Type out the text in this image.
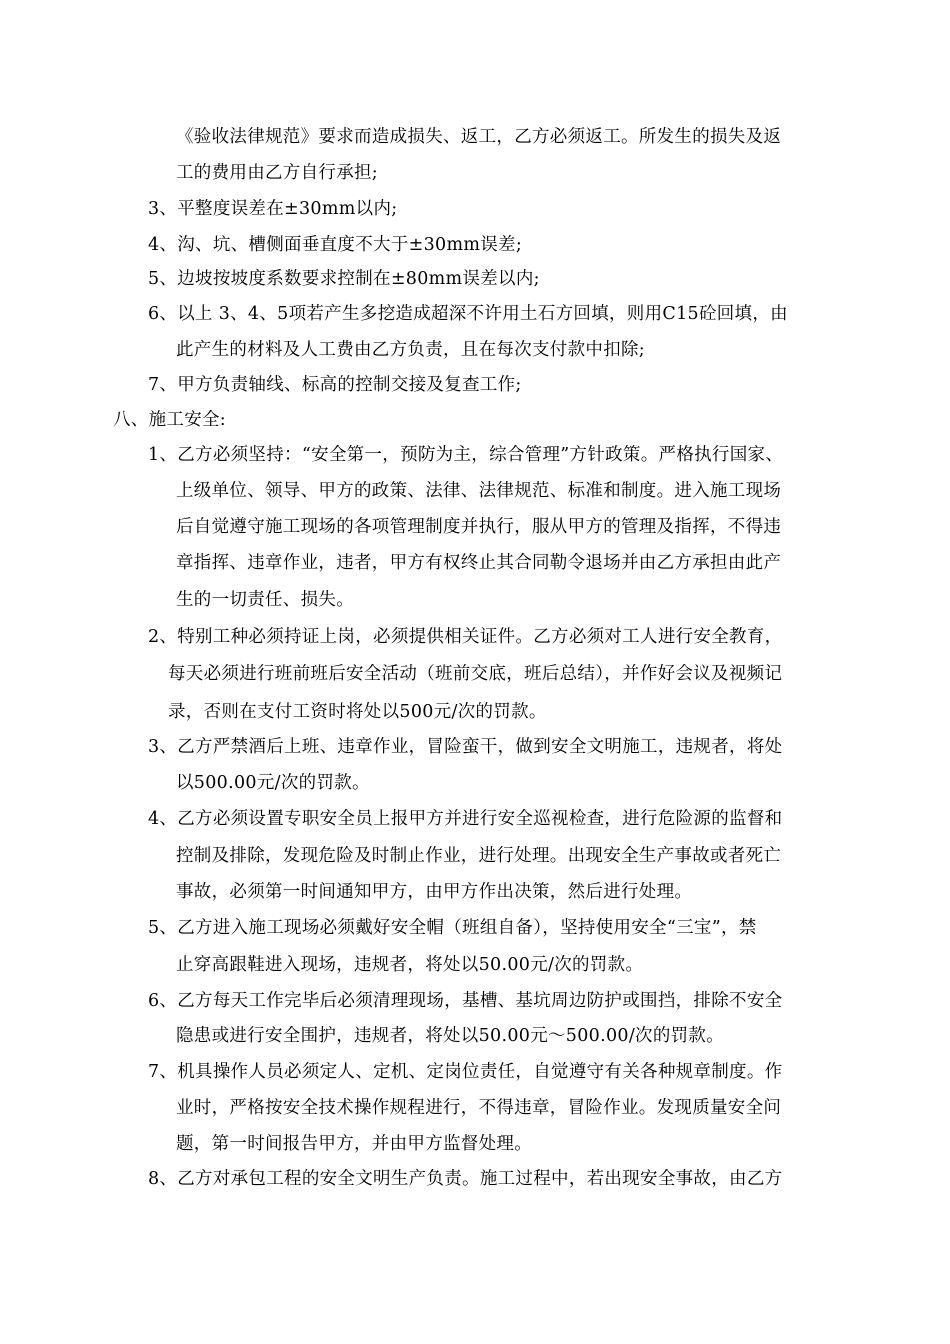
《验收法律规范》要求而造成损失、返工，乙方必须返工。所发生的损失及返

工的费用由乙方自行承担;

3、平整度误差在±30mm以内;

4、沟、坑、槽侧面垂直度不大于±30mm误差;

5、边坡按坡度系数要求控制在±80mm误差以内;

6、以上 3、4、5项若产生多挖造成超深不许用土石方回填，则用C15砼回填，由

此产生的材料及人工费由乙方负责，且在每次支付款中扣除;

7、甲方负责轴线、标高的控制交接及复查工作;

八、施工安全:

1、乙方必须坚持：“安全第一，预防为主，综合管理”方针政策。严格执行国家、

上级单位、领导、甲方的政策、法律、法律规范、标准和制度。进入施工现场

后自觉遵守施工现场的各项管理制度并执行，服从甲方的管理及指挥，不得违

章指挥、违章作业，违者，甲方有权终止其合同勒令退场并由乙方承担由此产

生的一切责任、损失。

2、特别工种必须持证上岗，必须提供相关证件。乙方必须对工人进行安全教育，

每天必须进行班前班后安全活动（班前交底，班后总结），并作好会议及视频记

录，否则在支付工资时将处以500元/次的罚款。

3、乙方严禁酒后上班、违章作业，冒险蛮干，做到安全文明施工，违规者，将处

以500.00元/次的罚款。

4、乙方必须设置专职安全员上报甲方并进行安全巡视检查，进行危险源的监督和

控制及排除，发现危险及时制止作业，进行处理。出现安全生产事故或者死亡

事故，必须第一时间通知甲方，由甲方作出决策，然后进行处理。

5、乙方进入施工现场必须戴好安全帽（班组自备），坚持使用安全“三宝”，禁

止穿高跟鞋进入现场，违规者，将处以50.00元/次的罚款。

6、乙方每天工作完毕后必须清理现场，基槽、基坑周边防护或围挡，排除不安全

隐患或进行安全围护，违规者，将处以50.00元～500.00/次的罚款。

7、机具操作人员必须定人、定机、定岗位责任，自觉遵守有关各种规章制度。作

业时，严格按安全技术操作规程进行，不得违章，冒险作业。发现质量安全问

题，第一时间报告甲方，并由甲方监督处理。

8、乙方对承包工程的安全文明生产负责。施工过程中，若出现安全事故，由乙方
